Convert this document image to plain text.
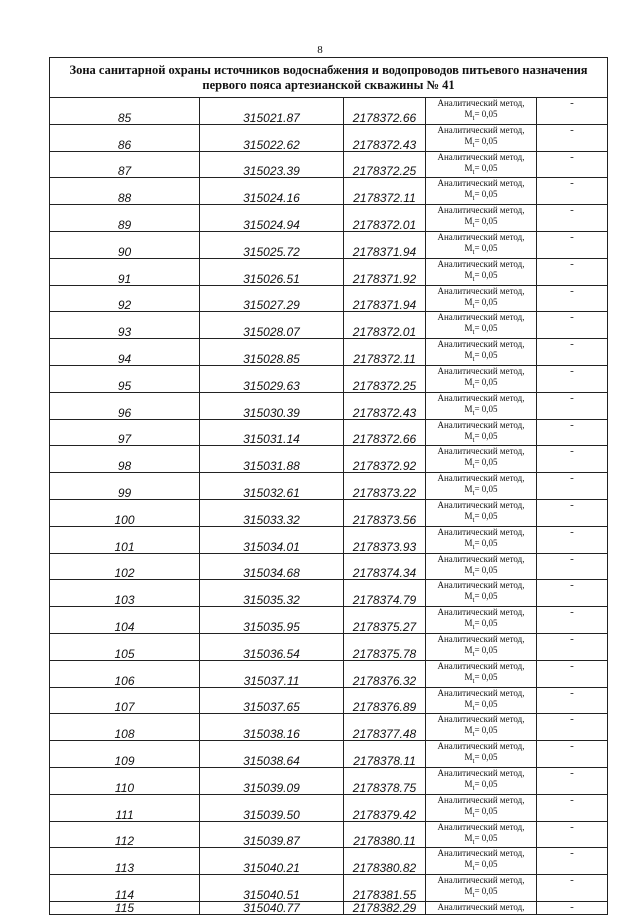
8
Зона санитарной охраны источников водоснабжения и водопроводов питьевого назначения
первого пояса артезианской скважины № 41				

85	315021.87	2178372.66	Аналитический метод,
$M_t= 0,05$	-
86	315022.62	2178372.43	Аналитический метод,
$M_t= 0,05$	-
87	315023.39	2178372.25	Аналитический метод,
$M_t= 0,05$	-
88	315024.16	2178372.11	Аналитический метод,
$M_t= 0,05$	-
89	315024.94	2178372.01	Аналитический метод,
$M_t= 0,05$	-
90	315025.72	2178371.94	Аналитический метод,
$M_t= 0,05$	-
91	315026.51	2178371.92	Аналитический метод,
$M_t= 0,05$	-
92	315027.29	2178371.94	Аналитический метод,
$M_t= 0,05$	-
93	315028.07	2178372.01	Аналитический метод,
$M_t= 0,05$	-
94	315028.85	2178372.11	Аналитический метод,
$M_t= 0,05$	-
95	315029.63	2178372.25	Аналитический метод,
$M_t= 0,05$	-
96	315030.39	2178372.43	Аналитический метод,
$M_t= 0,05$	-
97	315031.14	2178372.66	Аналитический метод,
$M_t= 0,05$	-
98	315031.88	2178372.92	Аналитический метод,
$M_t= 0,05$	-
99	315032.61	2178373.22	Аналитический метод,
$M_t= 0,05$	-
100	315033.32	2178373.56	Аналитический метод,
$M_t= 0,05$	-
101	315034.01	2178373.93	Аналитический метод,
$M_t= 0,05$	-
102	315034.68	2178374.34	Аналитический метод,
$M_t= 0,05$	-
103	315035.32	2178374.79	Аналитический метод,
$M_t= 0,05$	-
104	315035.95	2178375.27	Аналитический метод,
$M_t= 0,05$	-
105	315036.54	2178375.78	Аналитический метод,
$M_t= 0,05$	-
106	315037.11	2178376.32	Аналитический метод,
$M_t= 0,05$	-
107	315037.65	2178376.89	Аналитический метод,
$M_t= 0,05$	-
108	315038.16	2178377.48	Аналитический метод,
$M_t= 0,05$	-
109	315038.64	2178378.11	Аналитический метод,
$M_t= 0,05$	-
110	315039.09	2178378.75	Аналитический метод,
$M_t= 0,05$	-
111	315039.50	2178379.42	Аналитический метод,
$M_t= 0,05$	-
112	315039.87	2178380.11	Аналитический метод,
$M_t= 0,05$	-
113	315040.21	2178380.82	Аналитический метод,
$M_t= 0,05$	-
114	315040.51	2178381.55	Аналитический метод,
$M_t= 0,05$	-
115	315040.77	2178382.29	Аналитический метод,	-
